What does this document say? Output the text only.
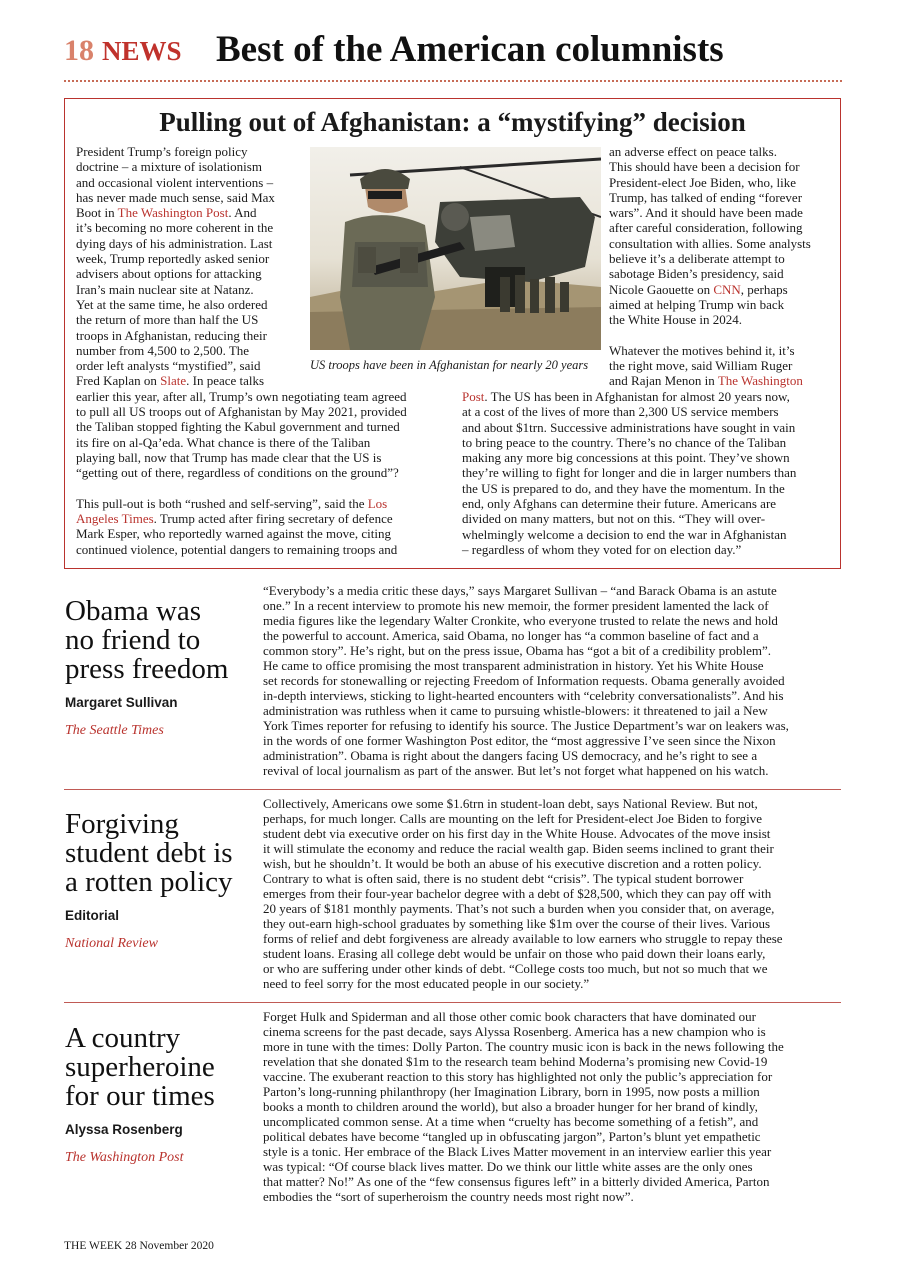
18 NEWS Best of the American columnists
Pulling out of Afghanistan: a “mystifying” decision
US troops have been in Afghanistan for nearly 20 years
President Trump’s foreign policy
doctrine – a mixture of isolationism
and occasional violent interventions –
has never made much sense, said Max
Boot in The Washington Post. And
it’s becoming no more coherent in the
dying days of his administration. Last
week, Trump reportedly asked senior
advisers about options for attacking
Iran’s main nuclear site at Natanz.
Yet at the same time, he also ordered
the return of more than half the US
troops in Afghanistan, reducing their
number from 4,500 to 2,500. The
order left analysts “mystified”, said
Fred Kaplan on Slate. In peace talks
earlier this year, after all, Trump’s own negotiating team agreed
to pull all US troops out of Afghanistan by May 2021, provided
the Taliban stopped fighting the Kabul government and turned
its fire on al-Qa’eda. What chance is there of the Taliban
playing ball, now that Trump has made clear that the US is
“getting out of there, regardless of conditions on the ground”?

This pull-out is both “rushed and self-serving”, said the Los
Angeles Times. Trump acted after firing secretary of defence
Mark Esper, who reportedly warned against the move, citing
continued violence, potential dangers to remaining troops and
an adverse effect on peace talks.
This should have been a decision for
President-elect Joe Biden, who, like
Trump, has talked of ending “forever
wars”. And it should have been made
after careful consideration, following
consultation with allies. Some analysts
believe it’s a deliberate attempt to
sabotage Biden’s presidency, said
Nicole Gaouette on CNN, perhaps
aimed at helping Trump win back
the White House in 2024.

Whatever the motives behind it, it’s
the right move, said William Ruger
and Rajan Menon in The Washington
Post. The US has been in Afghanistan for almost 20 years now,
at a cost of the lives of more than 2,300 US service members
and about $1trn. Successive administrations have sought in vain
to bring peace to the country. There’s no chance of the Taliban
making any more big concessions at this point. They’ve shown
they’re willing to fight for longer and die in larger numbers than
the US is prepared to do, and they have the momentum. In the
end, only Afghans can determine their future. Americans are
divided on many matters, but not on this. “They will over-
whelmingly welcome a decision to end the war in Afghanistan
– regardless of whom they voted for on election day.”
Obama was
no friend to
press freedom
Margaret Sullivan
The Seattle Times
“Everybody’s a media critic these days,” says Margaret Sullivan – “and Barack Obama is an astute
one.” In a recent interview to promote his new memoir, the former president lamented the lack of
media figures like the legendary Walter Cronkite, who everyone trusted to relate the news and hold
the powerful to account. America, said Obama, no longer has “a common baseline of fact and a
common story”. He’s right, but on the press issue, Obama has “got a bit of a credibility problem”.
He came to office promising the most transparent administration in history. Yet his White House
set records for stonewalling or rejecting Freedom of Information requests. Obama generally avoided
in-depth interviews, sticking to light-hearted encounters with “celebrity conversationalists”. And his
administration was ruthless when it came to pursuing whistle-blowers: it threatened to jail a New
York Times reporter for refusing to identify his source. The Justice Department’s war on leakers was,
in the words of one former Washington Post editor, the “most aggressive I’ve seen since the Nixon
administration”. Obama is right about the dangers facing US democracy, and he’s right to see a
revival of local journalism as part of the answer. But let’s not forget what happened on his watch.
Forgiving
student debt is
a rotten policy
Editorial
National Review
Collectively, Americans owe some $1.6trn in student-loan debt, says National Review. But not,
perhaps, for much longer. Calls are mounting on the left for President-elect Joe Biden to forgive
student debt via executive order on his first day in the White House. Advocates of the move insist
it will stimulate the economy and reduce the racial wealth gap. Biden seems inclined to grant their
wish, but he shouldn’t. It would be both an abuse of his executive discretion and a rotten policy.
Contrary to what is often said, there is no student debt “crisis”. The typical student borrower
emerges from their four-year bachelor degree with a debt of $28,500, which they can pay off with
20 years of $181 monthly payments. That’s not such a burden when you consider that, on average,
they out-earn high-school graduates by something like $1m over the course of their lives. Various
forms of relief and debt forgiveness are already available to low earners who struggle to repay these
student loans. Erasing all college debt would be unfair on those who paid down their loans early,
or who are suffering under other kinds of debt. “College costs too much, but not so much that we
need to feel sorry for the most educated people in our society.”
A country
superheroine
for our times
Alyssa Rosenberg
The Washington Post
Forget Hulk and Spiderman and all those other comic book characters that have dominated our
cinema screens for the past decade, says Alyssa Rosenberg. America has a new champion who is
more in tune with the times: Dolly Parton. The country music icon is back in the news following the
revelation that she donated $1m to the research team behind Moderna’s promising new Covid-19
vaccine. The exuberant reaction to this story has highlighted not only the public’s appreciation for
Parton’s long-running philanthropy (her Imagination Library, born in 1995, now posts a million
books a month to children around the world), but also a broader hunger for her brand of kindly,
uncomplicated common sense. At a time when “cruelty has become something of a fetish”, and
political debates have become “tangled up in obfuscating jargon”, Parton’s blunt yet empathetic
style is a tonic. Her embrace of the Black Lives Matter movement in an interview earlier this year
was typical: “Of course black lives matter. Do we think our little white asses are the only ones
that matter? No!” As one of the “few consensus figures left” in a bitterly divided America, Parton
embodies the “sort of superheroism the country needs most right now”.
THE WEEK 28 November 2020
